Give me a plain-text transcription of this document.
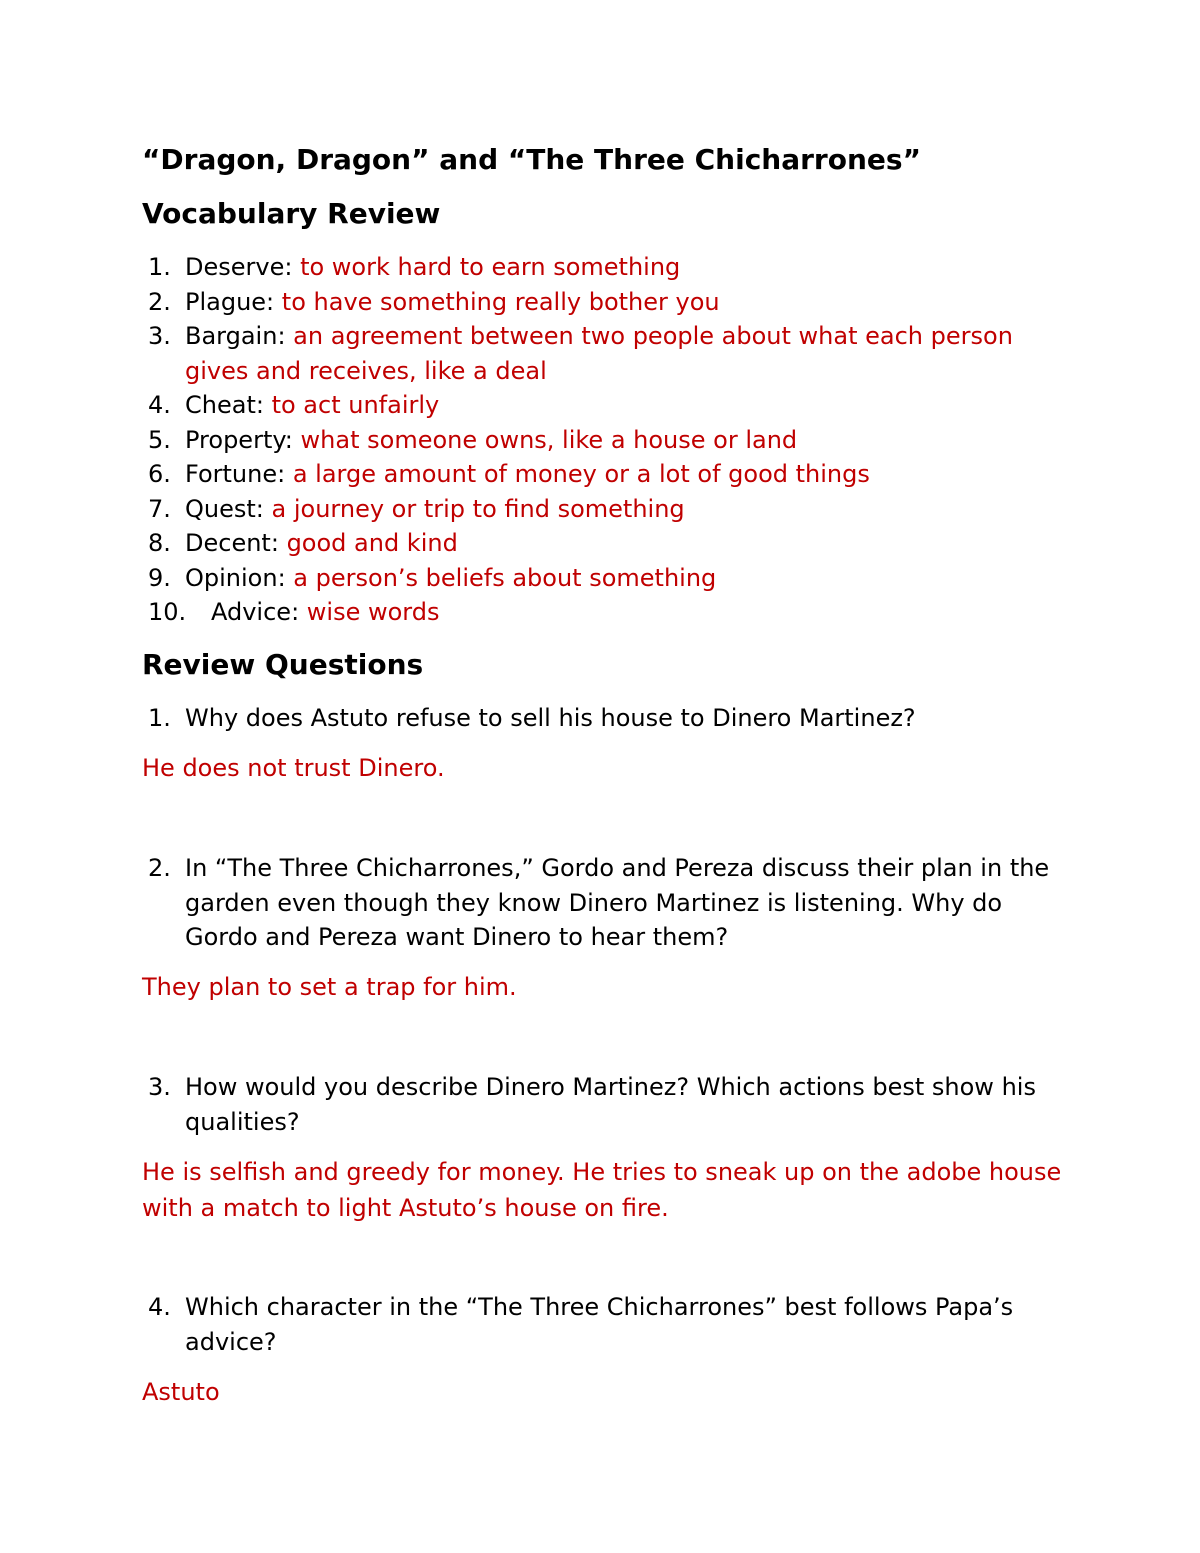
“Dragon, Dragon” and “The Three Chicharrones”
Vocabulary Review
1. Deserve: to work hard to earn something
2. Plague: to have something really bother you
3. Bargain: an agreement between two people about what each person gives and receives, like a deal
4. Cheat: to act unfairly
5. Property: what someone owns, like a house or land
6. Fortune: a large amount of money or a lot of good things
7. Quest: a journey or trip to find something
8. Decent: good and kind
9. Opinion: a person’s beliefs about something
10. Advice: wise words
Review Questions
1. Why does Astuto refuse to sell his house to Dinero Martinez?
He does not trust Dinero.
2. In “The Three Chicharrones,” Gordo and Pereza discuss their plan in the garden even though they know Dinero Martinez is listening. Why do Gordo and Pereza want Dinero to hear them?
They plan to set a trap for him.
3. How would you describe Dinero Martinez? Which actions best show his qualities?
He is selfish and greedy for money. He tries to sneak up on the adobe house with a match to light Astuto’s house on fire.
4. Which character in the “The Three Chicharrones” best follows Papa’s advice?
Astuto
